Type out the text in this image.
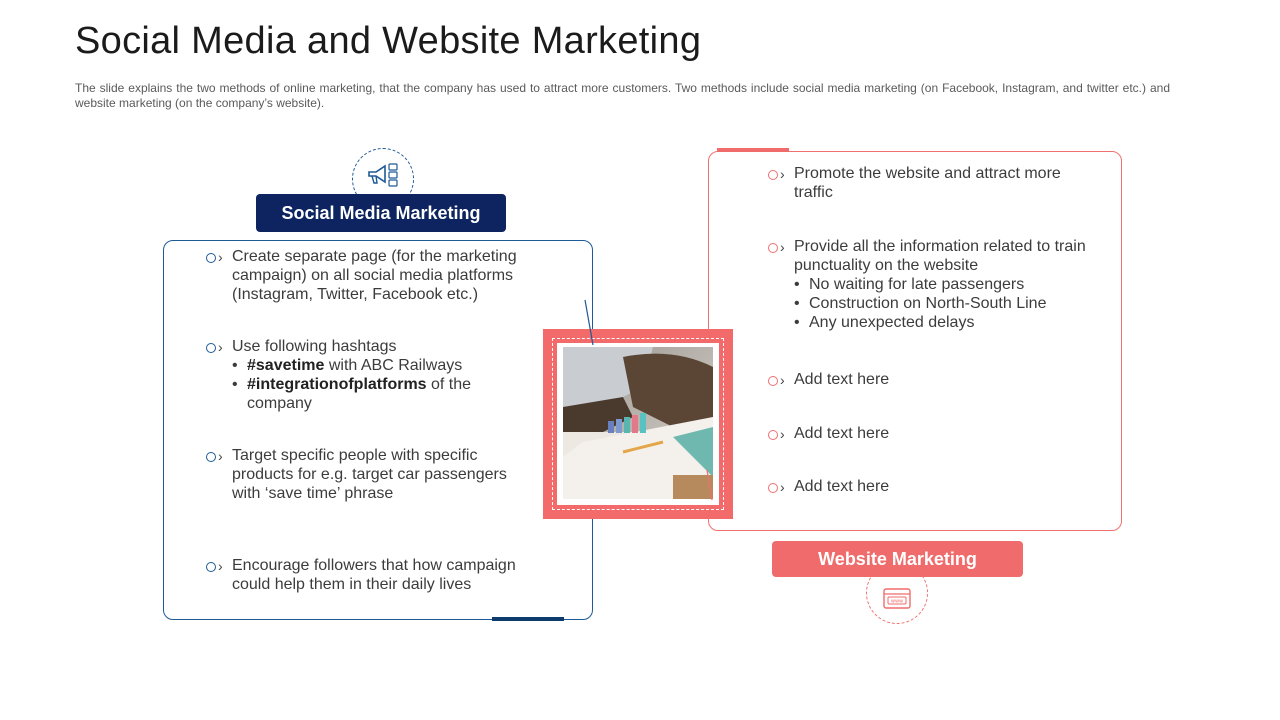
Social Media and Website Marketing
The slide explains the two methods of online marketing, that the company has used to attract more customers. Two methods include social media marketing (on Facebook, Instagram, and twitter etc.) and website marketing (on the company’s website).
Social Media Marketing
› Create separate page (for the marketing campaign) on all social media platforms (Instagram, Twitter, Facebook etc.)
› Use following hashtags
• #savetime with ABC Railways
• #integrationofplatforms of the company
› Target specific people with specific products for e.g. target car passengers with ‘save time’ phrase
› Encourage followers that how campaign could help them in their daily lives
› Promote the website and attract more traffic
› Provide all the information related to train punctuality on the website
• No waiting for late passengers
• Construction on North-South Line
• Any unexpected delays
› Add text here
› Add text here
› Add text here
www
Website Marketing
